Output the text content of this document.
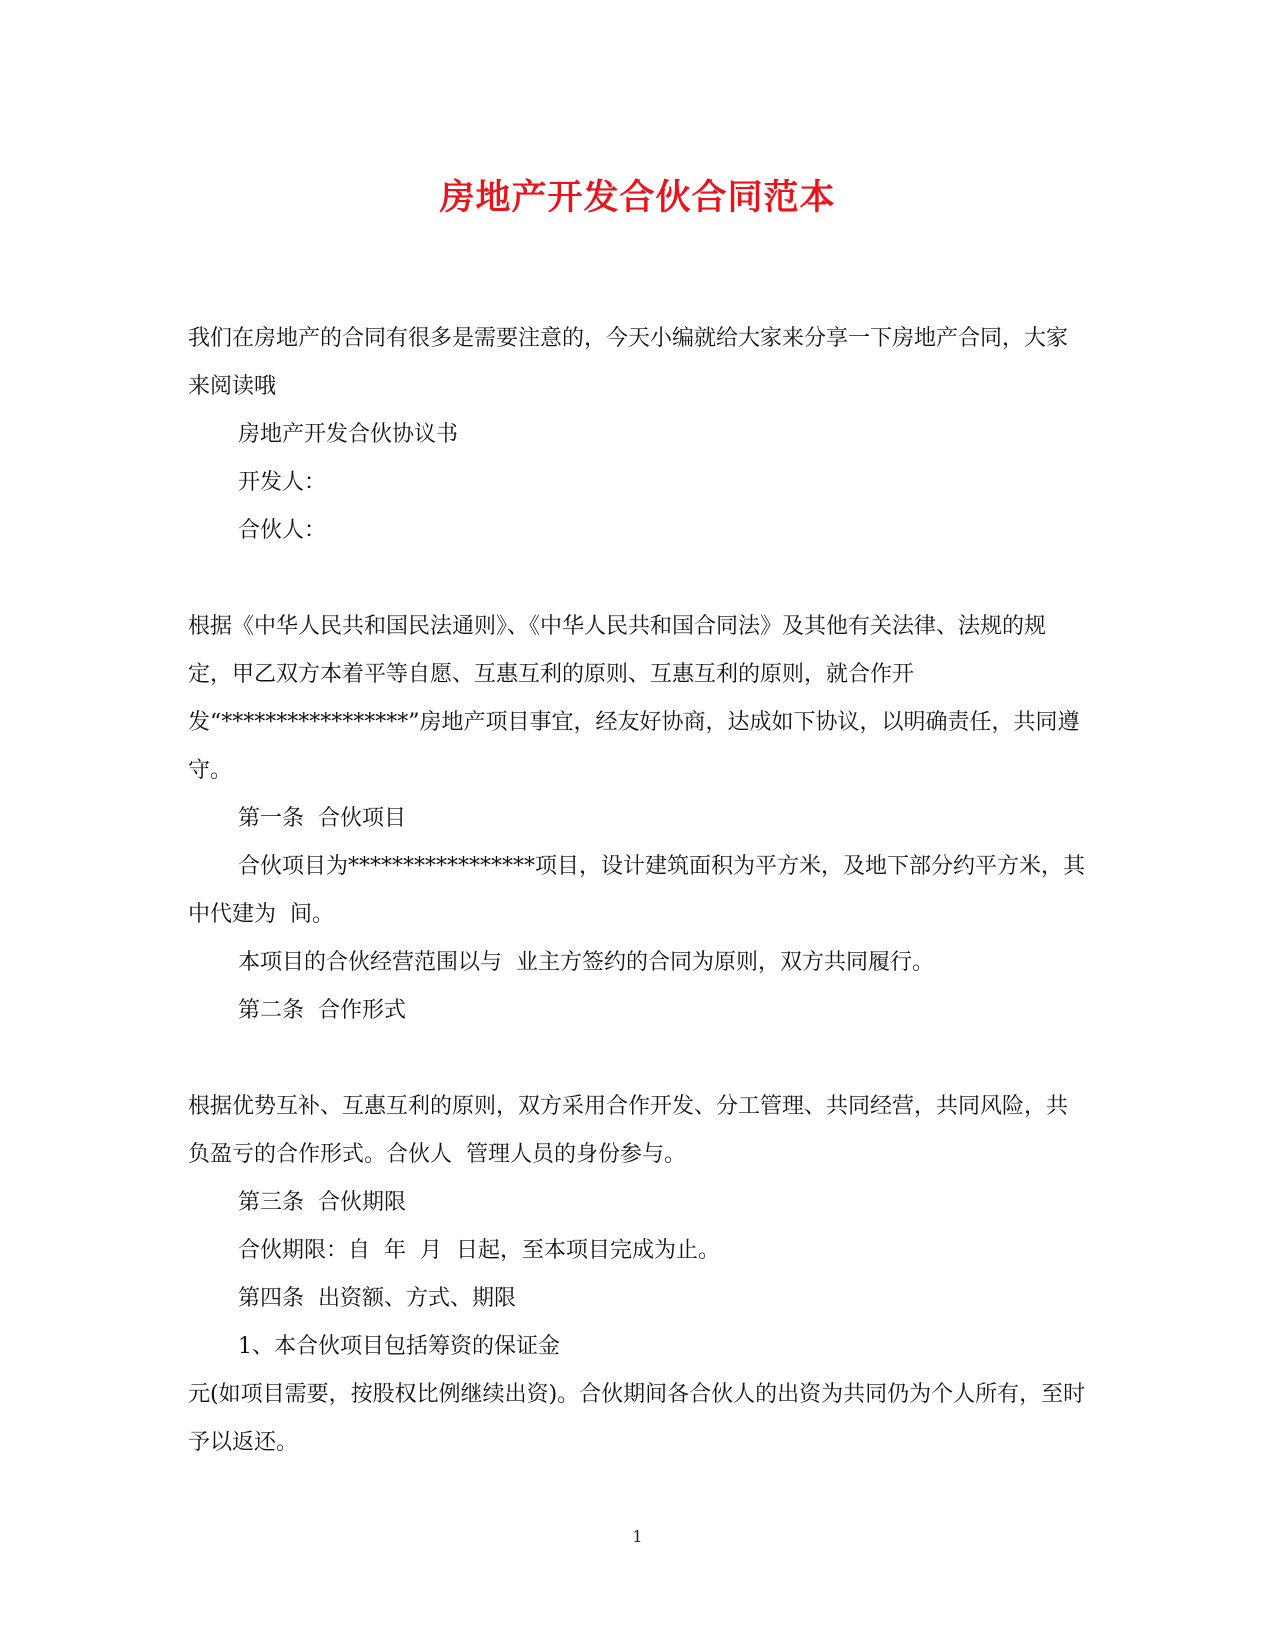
房地产开发合伙合同范本

我们在房地产的合同有很多是需要注意的，今天小编就给大家来分享一下房地产合同，大家来阅读哦

房地产开发合伙协议书

开发人：

合伙人：

根据《中华人民共和国民法通则》、《中华人民共和国合同法》及其他有关法律、法规的规定，甲乙双方本着平等自愿、互惠互利的原则、互惠互利的原则，就合作开发“*****************”房地产项目事宜，经友好协商，达成如下协议，以明确责任，共同遵守。

第一条  合伙项目

合伙项目为*****************项目，设计建筑面积为平方米，及地下部分约平方米，其中代建为  间。

本项目的合伙经营范围以与  业主方签约的合同为原则，双方共同履行。

第二条  合作形式

根据优势互补、互惠互利的原则，双方采用合作开发、分工管理、共同经营，共同风险，共负盈亏的合作形式。合伙人  管理人员的身份参与。

第三条  合伙期限

合伙期限：自  年  月  日起，至本项目完成为止。

第四条  出资额、方式、期限

1、本合伙项目包括筹资的保证金

元(如项目需要，按股权比例继续出资)。合伙期间各合伙人的出资为共同仍为个人所有，至时予以返还。

1
